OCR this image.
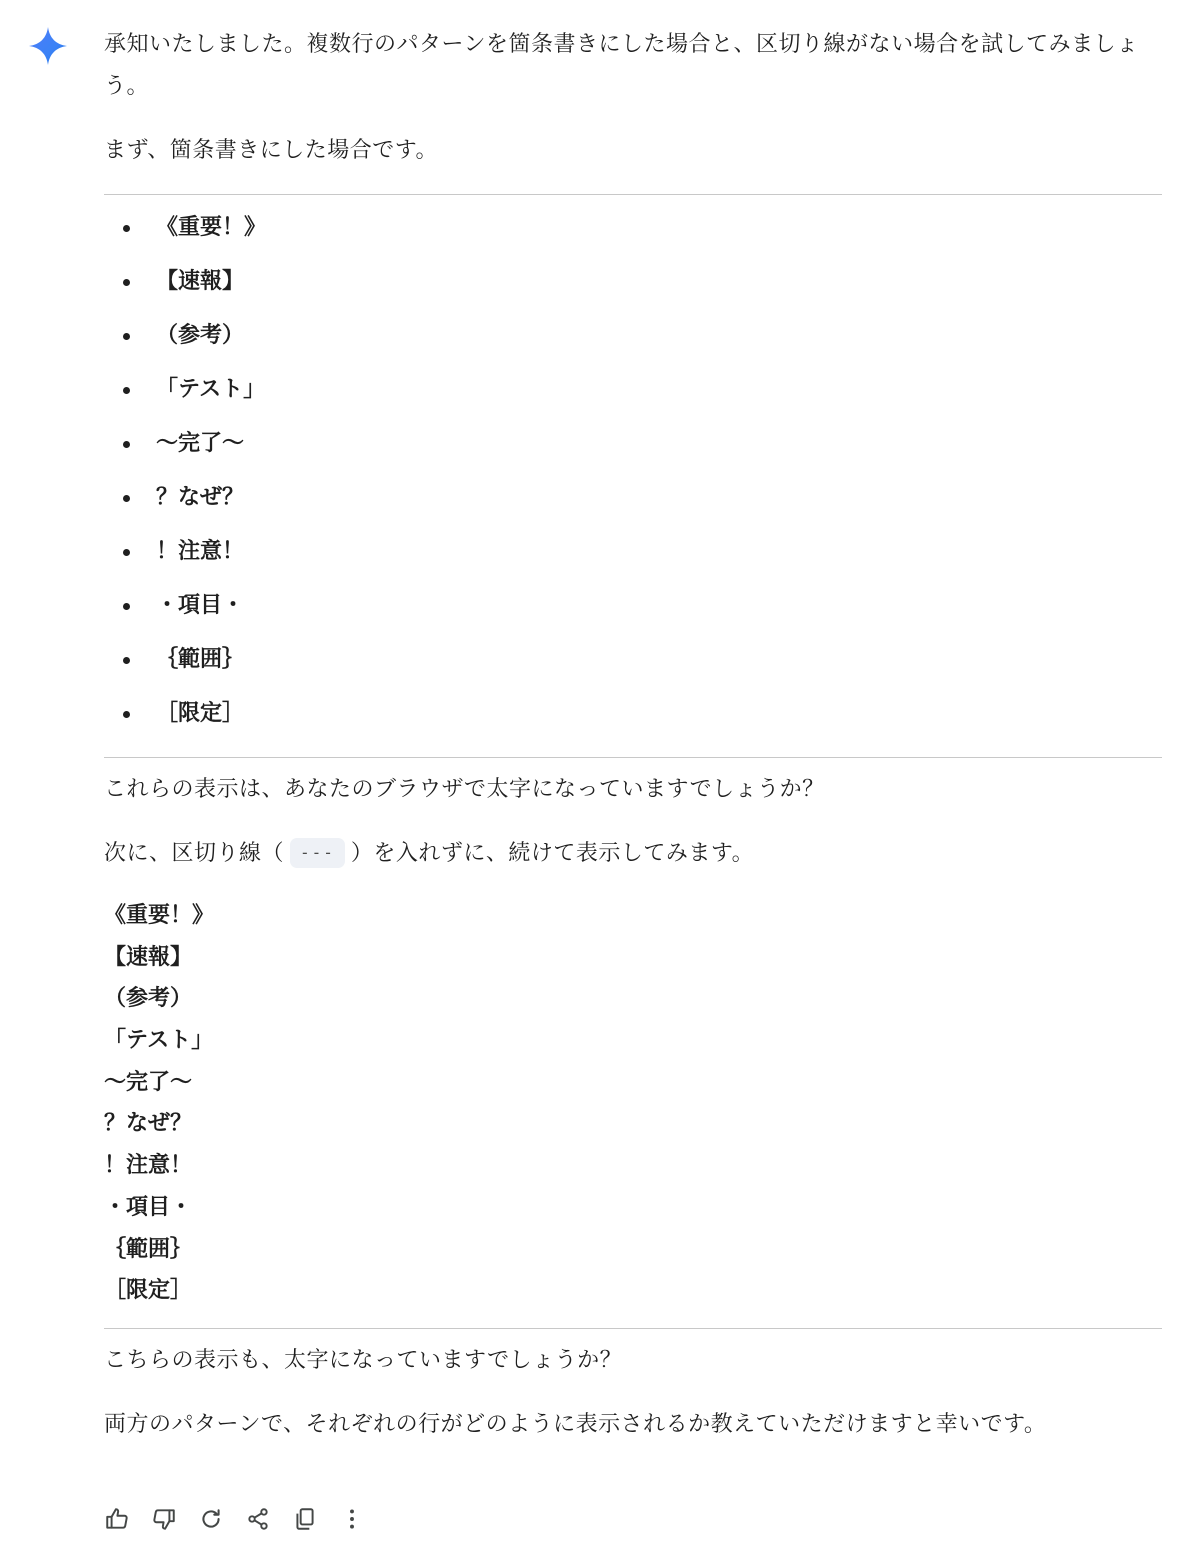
承知いたしました。複数行のパターンを箇条書きにした場合と、区切り線がない場合を試してみましょう。

まず、箇条書きにした場合です。

《重要！》
【速報】
（参考）
「テスト」
〜完了〜
？なぜ？
！注意！
・項目・
｛範囲｝
［限定］

これらの表示は、あなたのブラウザで太字になっていますでしょうか？

次に、区切り線（ --- ）を入れずに、続けて表示してみます。

《重要！》
【速報】
（参考）
「テスト」
〜完了〜
？なぜ？
！注意！
・項目・
｛範囲｝
［限定］

こちらの表示も、太字になっていますでしょうか？

両方のパターンで、それぞれの行がどのように表示されるか教えていただけますと幸いです。
